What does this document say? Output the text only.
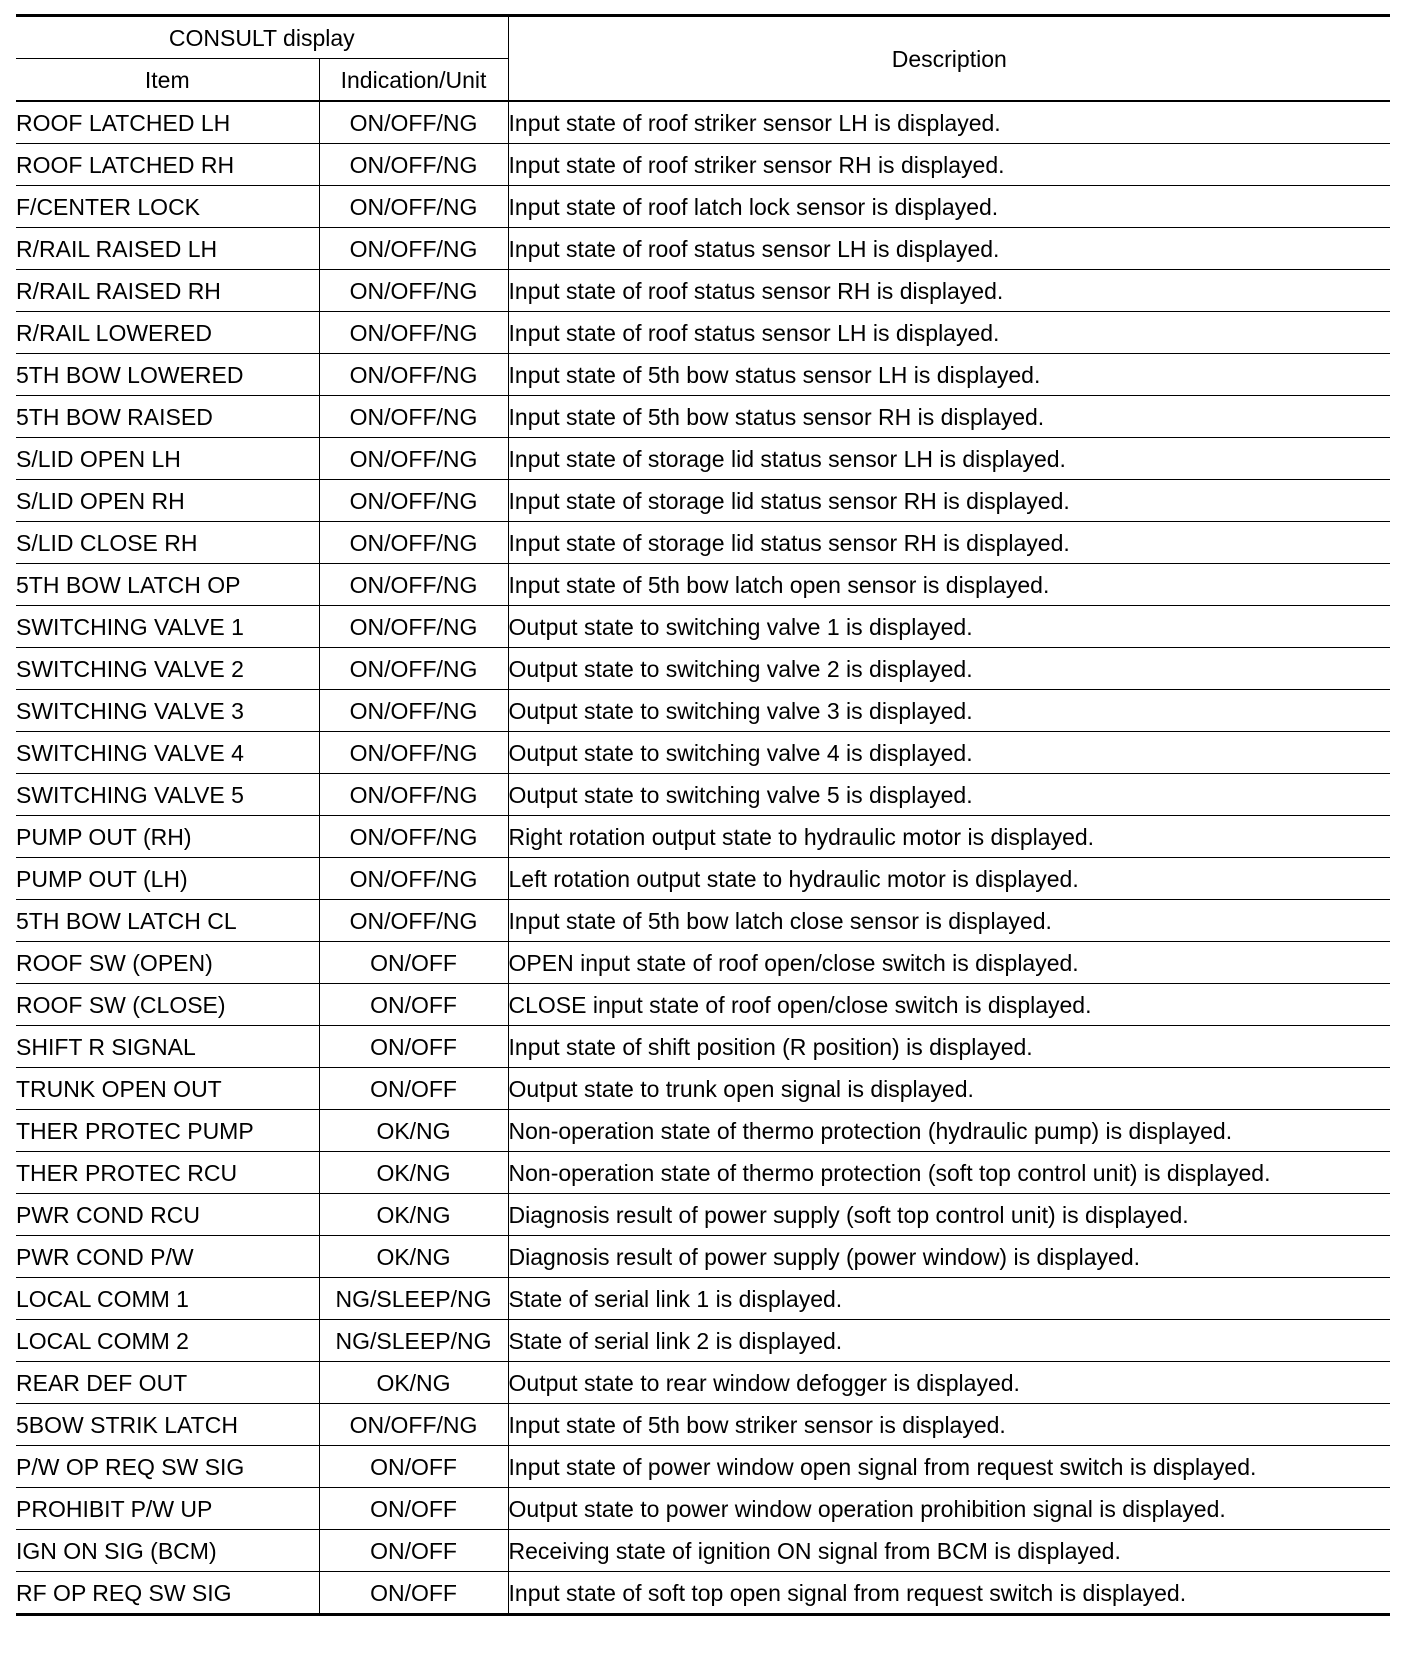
CONSULT display		Description
Item	Indication/Unit	
ROOF LATCHED LH	ON/OFF/NG	Input state of roof striker sensor LH is displayed.
ROOF LATCHED RH	ON/OFF/NG	Input state of roof striker sensor RH is displayed.
F/CENTER LOCK	ON/OFF/NG	Input state of roof latch lock sensor is displayed.
R/RAIL RAISED LH	ON/OFF/NG	Input state of roof status sensor LH is displayed.
R/RAIL RAISED RH	ON/OFF/NG	Input state of roof status sensor RH is displayed.
R/RAIL LOWERED	ON/OFF/NG	Input state of roof status sensor LH is displayed.
5TH BOW LOWERED	ON/OFF/NG	Input state of 5th bow status sensor LH is displayed.
5TH BOW RAISED	ON/OFF/NG	Input state of 5th bow status sensor RH is displayed.
S/LID OPEN LH	ON/OFF/NG	Input state of storage lid status sensor LH is displayed.
S/LID OPEN RH	ON/OFF/NG	Input state of storage lid status sensor RH is displayed.
S/LID CLOSE RH	ON/OFF/NG	Input state of storage lid status sensor RH is displayed.
5TH BOW LATCH OP	ON/OFF/NG	Input state of 5th bow latch open sensor is displayed.
SWITCHING VALVE 1	ON/OFF/NG	Output state to switching valve 1 is displayed.
SWITCHING VALVE 2	ON/OFF/NG	Output state to switching valve 2 is displayed.
SWITCHING VALVE 3	ON/OFF/NG	Output state to switching valve 3 is displayed.
SWITCHING VALVE 4	ON/OFF/NG	Output state to switching valve 4 is displayed.
SWITCHING VALVE 5	ON/OFF/NG	Output state to switching valve 5 is displayed.
PUMP OUT (RH)	ON/OFF/NG	Right rotation output state to hydraulic motor is displayed.
PUMP OUT (LH)	ON/OFF/NG	Left rotation output state to hydraulic motor is displayed.
5TH BOW LATCH CL	ON/OFF/NG	Input state of 5th bow latch close sensor is displayed.
ROOF SW (OPEN)	ON/OFF	OPEN input state of roof open/close switch is displayed.
ROOF SW (CLOSE)	ON/OFF	CLOSE input state of roof open/close switch is displayed.
SHIFT R SIGNAL	ON/OFF	Input state of shift position (R position) is displayed.
TRUNK OPEN OUT	ON/OFF	Output state to trunk open signal is displayed.
THER PROTEC PUMP	OK/NG	Non-operation state of thermo protection (hydraulic pump) is displayed.
THER PROTEC RCU	OK/NG	Non-operation state of thermo protection (soft top control unit) is displayed.
PWR COND RCU	OK/NG	Diagnosis result of power supply (soft top control unit) is displayed.
PWR COND P/W	OK/NG	Diagnosis result of power supply (power window) is displayed.
LOCAL COMM 1	NG/SLEEP/NG	State of serial link 1 is displayed.
LOCAL COMM 2	NG/SLEEP/NG	State of serial link 2 is displayed.
REAR DEF OUT	OK/NG	Output state to rear window defogger is displayed.
5BOW STRIK LATCH	ON/OFF/NG	Input state of 5th bow striker sensor is displayed.
P/W OP REQ SW SIG	ON/OFF	Input state of power window open signal from request switch is displayed.
PROHIBIT P/W UP	ON/OFF	Output state to power window operation prohibition signal is displayed.
IGN ON SIG (BCM)	ON/OFF	Receiving state of ignition ON signal from BCM is displayed.
RF OP REQ SW SIG	ON/OFF	Input state of soft top open signal from request switch is displayed.
